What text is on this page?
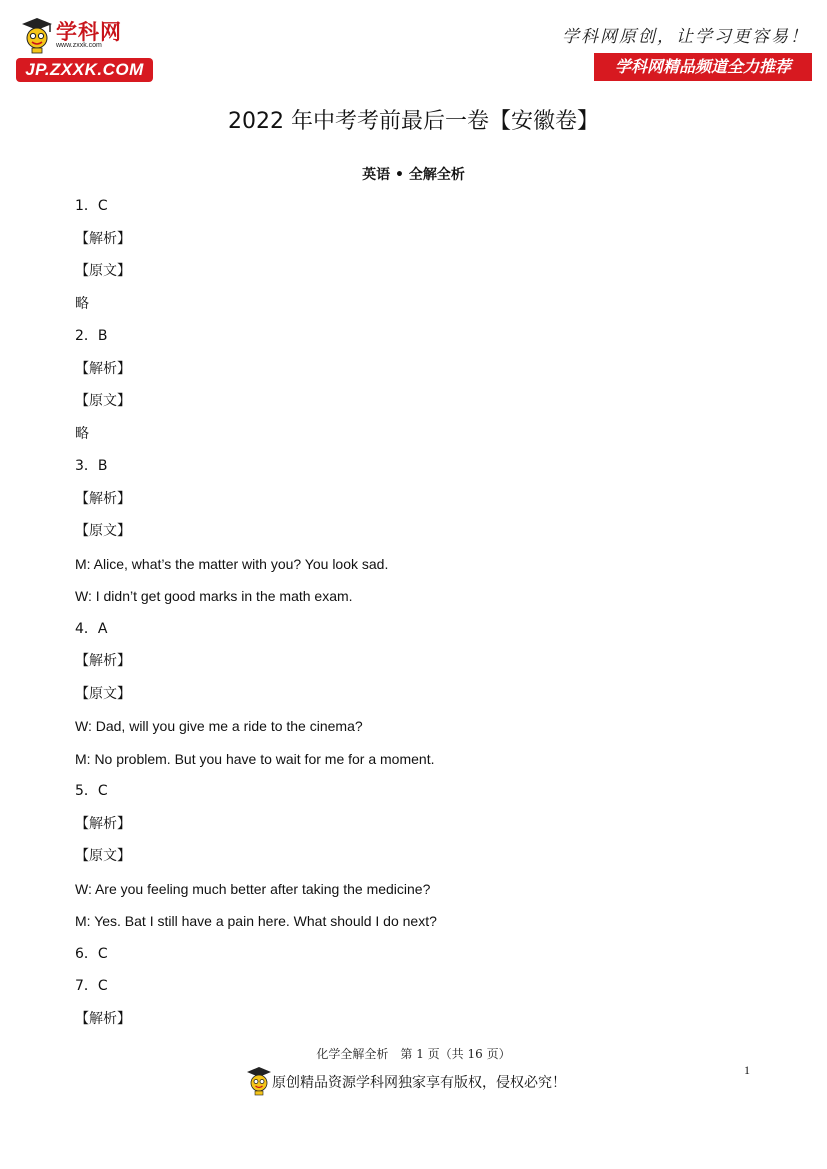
学科网
www.zxxk.com
JP.ZXXK.COM
学科网原创，让学习更容易！
学科网精品频道全力推荐
2022 年中考考前最后一卷【安徽卷】
英语 • 全解全析
1．C
【解析】
【原文】
略
2．B
【解析】
【原文】
略
3．B
【解析】
【原文】
M: Alice, what’s the matter with you? You look sad.
W: I didn’t get good marks in the math exam.
4．A
【解析】
【原文】
W: Dad, will you give me a ride to the cinema?
M: No problem. But you have to wait for me for a moment.
5．C
【解析】
【原文】
W: Are you feeling much better after taking the medicine?
M: Yes. Bat I still have a pain here. What should I do next?
6．C
7．C
【解析】
化学全解全析　第 1 页（共 16 页）
1
原创精品资源学科网独家享有版权，侵权必究！
